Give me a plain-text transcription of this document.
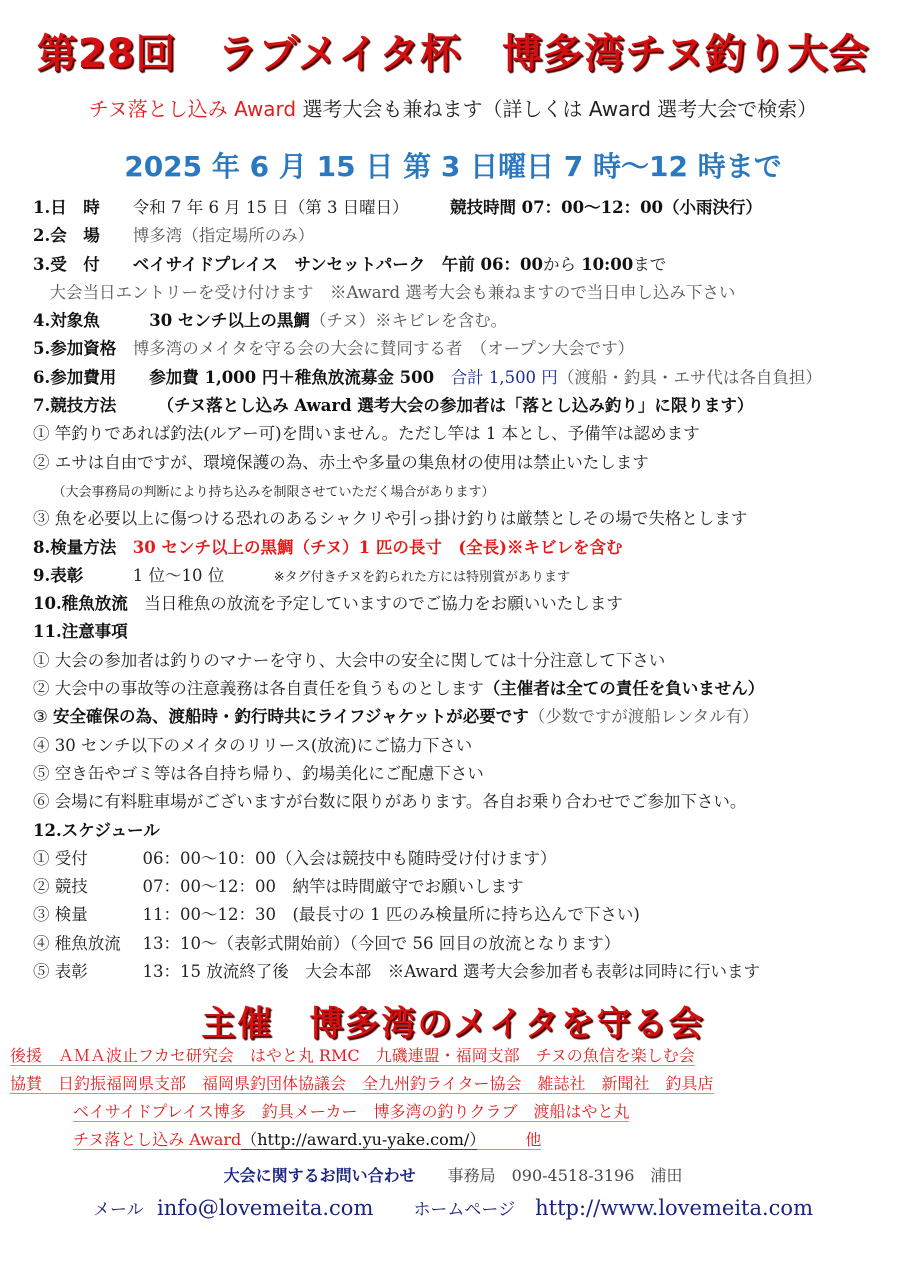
第28回　ラブメイタ杯　博多湾チヌ釣り大会
チヌ落とし込み Award 選考大会も兼ねます（詳しくは Award 選考大会で検索）
2025 年 6 月 15 日 第 3 日曜日 7 時～12 時まで
1.日　時　　令和 7 年 6 月 15 日（第 3 日曜日）　　　競技時間 07：00～12：00（小雨決行）
2.会　場　　博多湾（指定場所のみ）
3.受　付　　ベイサイドプレイス　サンセットパーク　午前 06：00から 10:00まで
　大会当日エントリーを受け付けます　※Award 選考大会も兼ねますので当日申し込み下さい
4.対象魚　　　30 センチ以上の黒鯛（チヌ）※キビレを含む。
5.参加資格　博多湾のメイタを守る会の大会に賛同する者　（オープン大会です）
6.参加費用　　参加費 1,000 円＋稚魚放流募金 500　合計 1,500 円（渡船・釣具・エサ代は各自負担）
7.競技方法　　　（チヌ落とし込み Award 選考大会の参加者は「落とし込み釣り」に限ります）
① 竿釣りであれば釣法(ルアー可)を問いません。ただし竿は 1 本とし、予備竿は認めます
② エサは自由ですが、環境保護の為、赤土や多量の集魚材の使用は禁止いたします
　　（大会事務局の判断により持ち込みを制限させていただく場合があります）
③ 魚を必要以上に傷つける恐れのあるシャクリや引っ掛け釣りは厳禁としその場で失格とします
8.検量方法　30 センチ以上の黒鯛（チヌ）1 匹の長寸　(全長)※キビレを含む
9.表彰　　　1 位～10 位　　　※タグ付きチヌを釣られた方には特別賞があります
10.稚魚放流　当日稚魚の放流を予定していますのでご協力をお願いいたします
11.注意事項
① 大会の参加者は釣りのマナーを守り、大会中の安全に関しては十分注意して下さい
② 大会中の事故等の注意義務は各自責任を負うものとします（主催者は全ての責任を負いません）
③ 安全確保の為、渡船時・釣行時共にライフジャケットが必要です（少数ですが渡船レンタル有）
④ 30 センチ以下のメイタのリリース(放流)にご協力下さい
⑤ 空き缶やゴミ等は各自持ち帰り、釣場美化にご配慮下さい
⑥ 会場に有料駐車場がございますが台数に限りがあります。各自お乗り合わせでご参加下さい。
12.スケジュール
① 受付　　　 06：00～10：00（入会は競技中も随時受け付けます）
② 競技　　　 07：00～12：00　納竿は時間厳守でお願いします
③ 検量　　　 11：00～12：30　(最長寸の 1 匹のみ検量所に持ち込んで下さい)
④ 稚魚放流　 13：10～（表彰式開始前）（今回で 56 回目の放流となります）
⑤ 表彰　　　 13：15 放流終了後　大会本部　※Award 選考大会参加者も表彰は同時に行います
主催　博多湾のメイタを守る会
後援　ＡＭＡ波止フカセ研究会　はやと丸 RMC　九磯連盟・福岡支部　チヌの魚信を楽しむ会
協賛　日釣振福岡県支部　福岡県釣団体協議会　全九州釣ライター協会　雑誌社　新聞社　釣具店
ベイサイドプレイス博多　釣具メーカー　博多湾の釣りクラブ　渡船はやと丸
チヌ落とし込み Award（http://award.yu-yake.com/）　　　他
大会に関するお問い合わせ　　事務局　090-4518-3196　浦田
メール info@lovemeita.com ホームページ http://www.lovemeita.com
